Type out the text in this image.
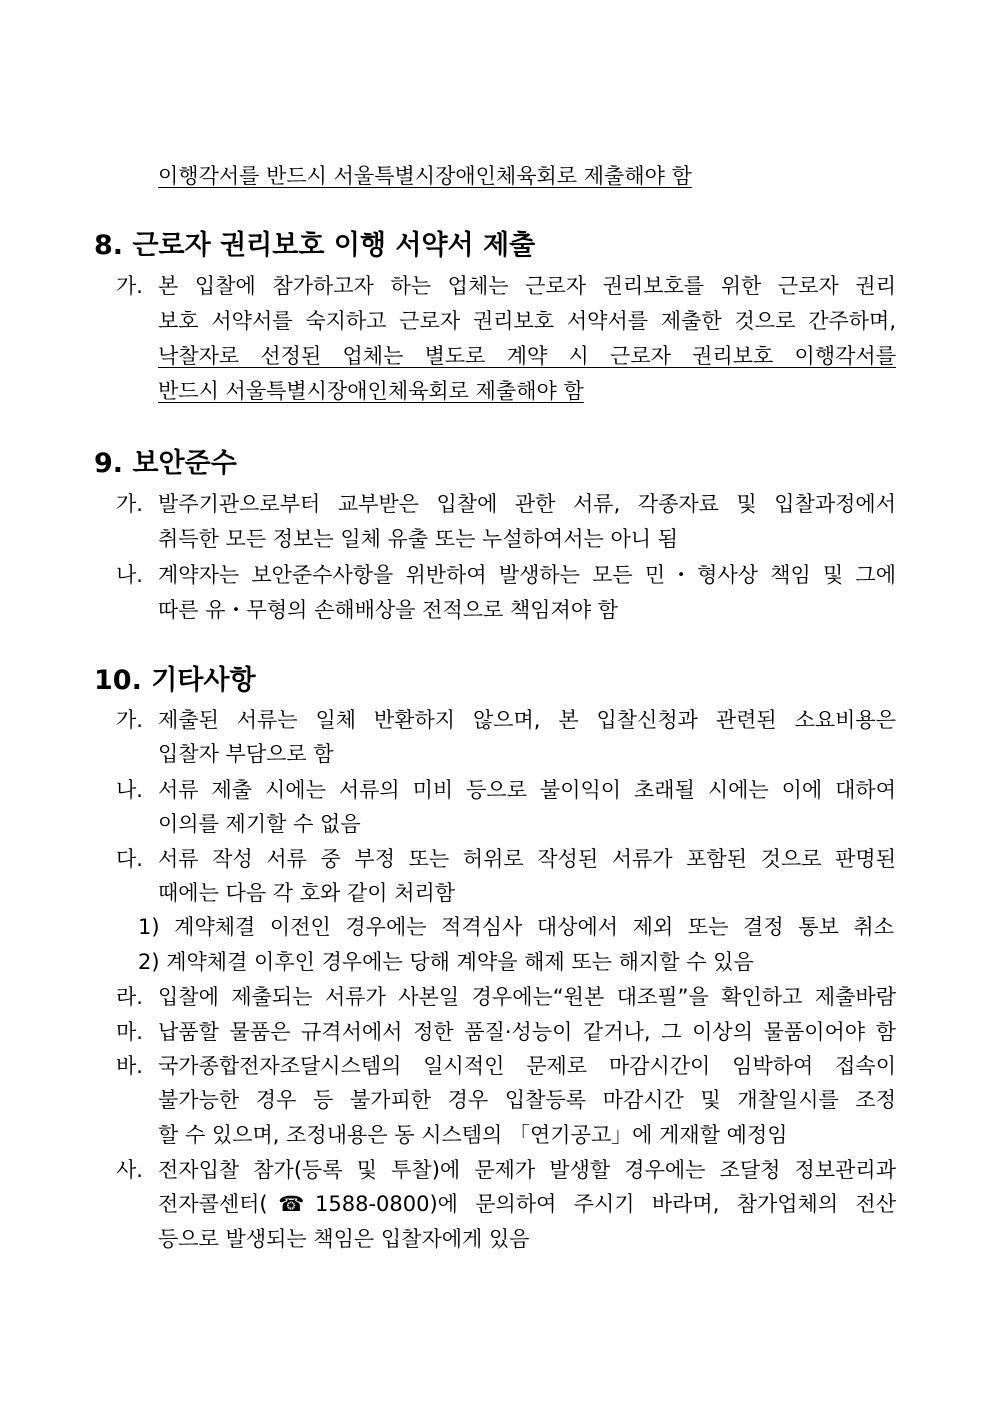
이행각서를 반드시 서울특별시장애인체육회로 제출해야 함
8. 근로자 권리보호 이행 서약서 제출
가. 본 입찰에 참가하고자 하는 업체는 근로자 권리보호를 위한 근로자 권리
보호 서약서를 숙지하고 근로자 권리보호 서약서를 제출한 것으로 간주하며,
낙찰자로 선정된 업체는 별도로 계약 시 근로자 권리보호 이행각서를
반드시 서울특별시장애인체육회로 제출해야 함
9. 보안준수
가. 발주기관으로부터 교부받은 입찰에 관한 서류, 각종자료 및 입찰과정에서
취득한 모든 정보는 일체 유출 또는 누설하여서는 아니 됨
나. 계약자는 보안준수사항을 위반하여 발생하는 모든 민・형사상 책임 및 그에
따른 유・무형의 손해배상을 전적으로 책임져야 함
10. 기타사항
가. 제출된 서류는 일체 반환하지 않으며, 본 입찰신청과 관련된 소요비용은
입찰자 부담으로 함
나. 서류 제출 시에는 서류의 미비 등으로 불이익이 초래될 시에는 이에 대하여
이의를 제기할 수 없음
다. 서류 작성 서류 중 부정 또는 허위로 작성된 서류가 포함된 것으로 판명된
때에는 다음 각 호와 같이 처리함
1) 계약체결 이전인 경우에는 적격심사 대상에서 제외 또는 결정 통보 취소
2) 계약체결 이후인 경우에는 당해 계약을 해제 또는 해지할 수 있음
라. 입찰에 제출되는 서류가 사본일 경우에는“원본 대조필”을 확인하고 제출바람
마. 납품할 물품은 규격서에서 정한 품질·성능이 같거나, 그 이상의 물품이어야 함
바. 국가종합전자조달시스템의 일시적인 문제로 마감시간이 임박하여 접속이
불가능한 경우 등 불가피한 경우 입찰등록 마감시간 및 개찰일시를 조정
할 수 있으며, 조정내용은 동 시스템의 「연기공고」에 게재할 예정임
사. 전자입찰 참가(등록 및 투찰)에 문제가 발생할 경우에는 조달청 정보관리과
전자콜센터(☎1588-0800)에 문의하여 주시기 바라며, 참가업체의 전산
등으로 발생되는 책임은 입찰자에게 있음
